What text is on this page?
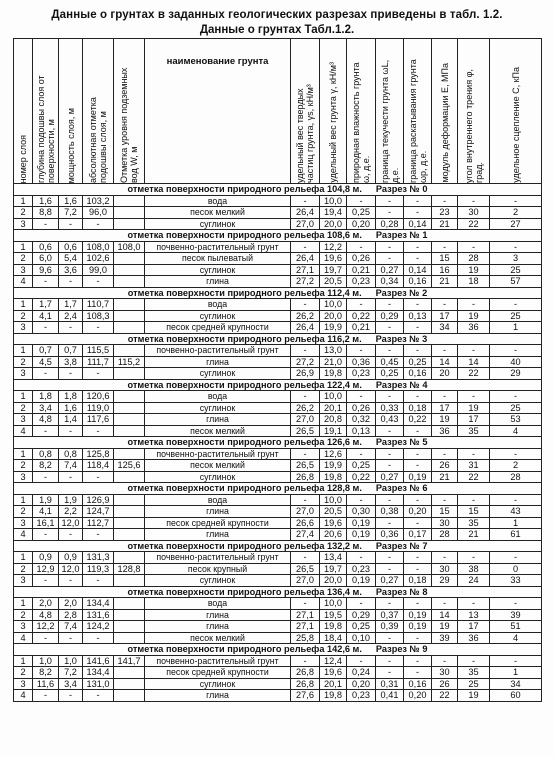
Данные о грунтах в заданных геологических разрезах приведены в табл. 1.2.
Данные о грунтах Табл.1.2.
номер слоя	глубина подошвы слоя от поверхности, м	мощность слоя, м	абсолютная отметка подошвы слоя, м	Отметка уровня подземных вод W, м	наименование грунта	удельный вес твердых частиц грунта, γs, кН/м³	удельный вес грунта γ, кН/м³	природная влажность грунта ω, д.е.	граница текучести грунта ωL, д.е.	граница раскатывания грунта ωp, д.е.	модуль деформации E, МПа	угол внутреннего трения φ, град.	удельное сцепление C, кПа

отметка поверхности природного рельефа 104,8 м. Разрез № 0													
1	1,6	1,6	103,2		вода	-	10,0	-	-	-	-	-	-
2	8,8	7,2	96,0		песок мелкий	26,4	19,4	0,25	-	-	23	30	2
3	-	-	-		суглинок	27,0	20,0	0,20	0,28	0,14	21	22	27
отметка поверхности природного рельефа 108,6 м. Разрез № 1													
1	0,6	0,6	108,0	108,0	почвенно-растительный грунт	-	12,2	-	-	-	-	-	-
2	6,0	5,4	102,6		песок пылеватый	26,4	19,6	0,26	-	-	15	28	3
3	9,6	3,6	99,0		суглинок	27,1	19,7	0,21	0,27	0,14	16	19	25
4	-	-	-		глина	27,2	20,5	0,23	0,34	0,16	21	18	57
отметка поверхности природного рельефа 112,4 м. Разрез № 2													
1	1,7	1,7	110,7		вода	-	10,0	-	-	-	-	-	-
2	4,1	2,4	108,3		суглинок	26,2	20,0	0,22	0,29	0,13	17	19	25
3	-	-	-		песок средней крупности	26,4	19,9	0,21	-	-	34	36	1
отметка поверхности природного рельефа 116,2 м. Разрез № 3													
1	0,7	0,7	115,5		почвенно-растительный грунт	-	13,0	-	-	-	-	-	-
2	4,5	3,8	111,7	115,2	глина	27,2	21,0	0,36	0,45	0,25	14	14	40
3	-	-	-		суглинок	26,9	19,8	0,23	0,25	0,16	20	22	29
отметка поверхности природного рельефа 122,4 м. Разрез № 4													
1	1,8	1,8	120,6		вода	-	10,0	-	-	-	-	-	-
2	3,4	1,6	119,0		суглинок	26,2	20,1	0,26	0,33	0,18	17	19	25
3	4,8	1,4	117,6		глина	27,0	20,8	0,32	0,43	0,22	19	17	53
4	-	-	-		песок мелкий	26,5	19,1	0,13	-	-	36	35	4
отметка поверхности природного рельефа 126,6 м. Разрез № 5													
1	0,8	0,8	125,8		почвенно-растительный грунт	-	12,6	-	-	-	-	-	-
2	8,2	7,4	118,4	125,6	песок мелкий	26,5	19,9	0,25	-	-	26	31	2
3	-	-	-		суглинок	26,8	19,8	0,22	0,27	0,19	21	22	28
отметка поверхности природного рельефа 128,8 м. Разрез № 6													
1	1,9	1,9	126,9		вода	-	10,0	-	-	-	-	-	-
2	4,1	2,2	124,7		глина	27,0	20,5	0,30	0,38	0,20	15	15	43
3	16,1	12,0	112,7		песок средней крупности	26,6	19,6	0,19	-	-	30	35	1
4	-	-	-		глина	27,4	20,6	0,19	0,36	0,17	28	21	61
отметка поверхности природного рельефа 132,2 м. Разрез № 7													
1	0,9	0,9	131,3		почвенно-растительный грунт	-	13,4	-	-	-	-	-	-
2	12,9	12,0	119,3	128,8	песок крупный	26,5	19,7	0,23	-	-	30	38	0
3	-	-	-		суглинок	27,0	20,0	0,19	0,27	0,18	29	24	33
отметка поверхности природного рельефа 136,4 м. Разрез № 8													
1	2,0	2,0	134,4		вода	-	10,0	-	-	-	-	-	-
2	4,8	2,8	131,6		глина	27,1	19,5	0,29	0,37	0,19	14	13	39
3	12,2	7,4	124,2		глина	27,1	19,8	0,25	0,39	0,19	19	17	51
4	-	-	-		песок мелкий	25,8	18,4	0,10	-	-	39	36	4
отметка поверхности природного рельефа 142,6 м. Разрез № 9													
1	1,0	1,0	141,6	141,7	почвенно-растительный грунт	-	12,4	-	-	-	-	-	-
2	8,2	7,2	134,4		песок средней крупности	26,8	19,6	0,24	-	-	30	35	1
3	11,6	3,4	131,0		суглинок	26,8	20,1	0,20	0,31	0,16	26	25	34
4	-	-	-		глина	27,6	19,8	0,23	0,41	0,20	22	19	60
